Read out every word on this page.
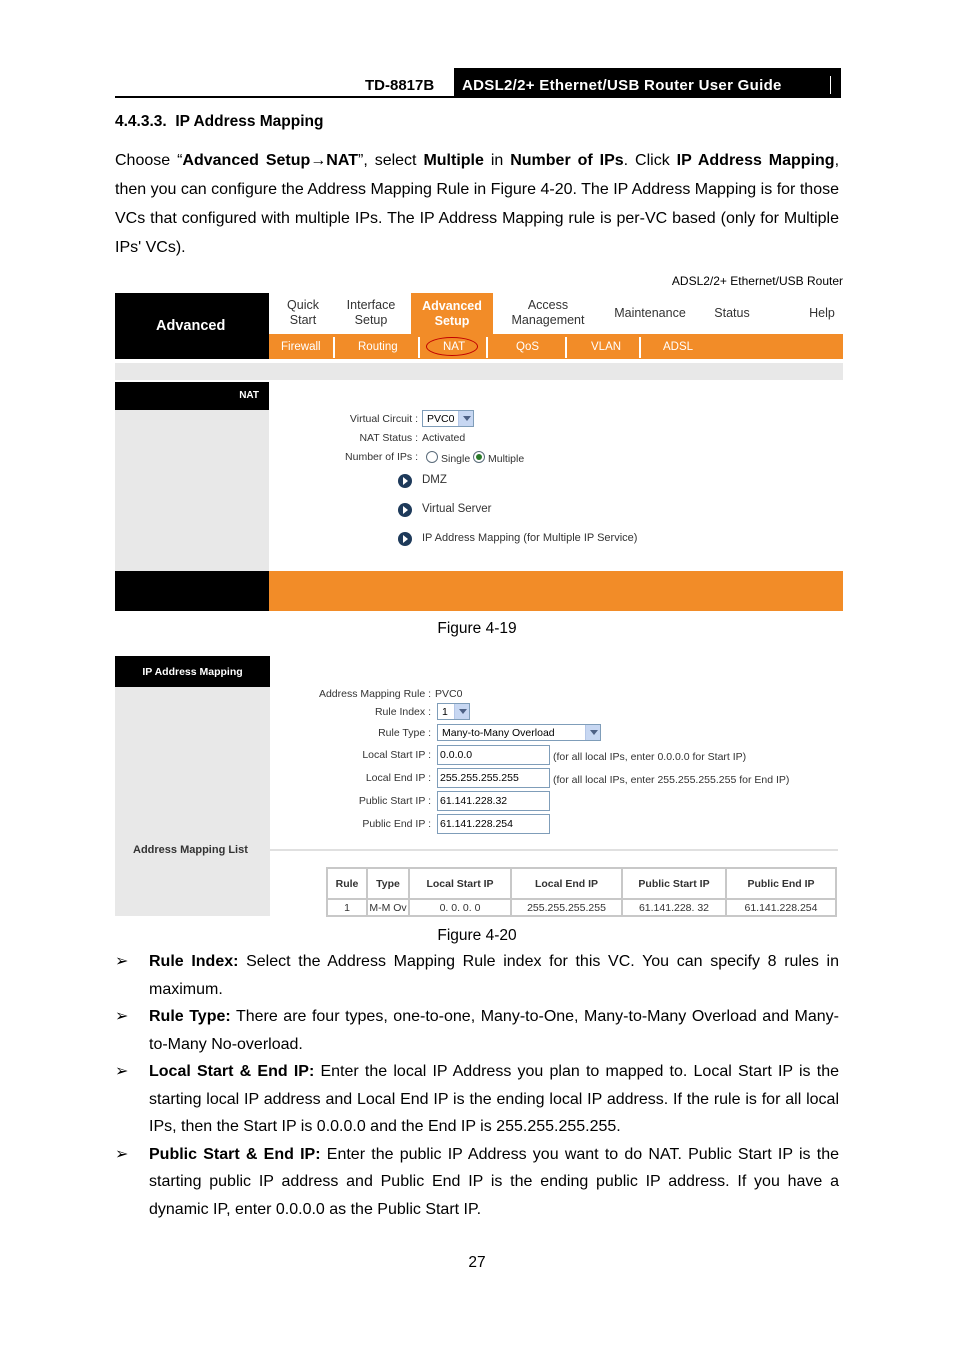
TD-8817B	ADSL2/2+ Ethernet/USB Router User Guide
4.4.3.3. IP Address Mapping
Choose “Advanced Setup→NAT”, select Multiple in Number of IPs. Click IP Address Mapping, then you can configure the Address Mapping Rule in Figure 4-20. The IP Address Mapping is for those VCs that configured with multiple IPs. The IP Address Mapping rule is per-VC based (only for Multiple IPs' VCs).
ADSL2/2+ Ethernet/USB Router
Advanced
Quick
Start
Interface
Setup
Advanced
Setup
Access
Management	Maintenance	Status	Help
Firewall	Routing	NAT	QoS	VLAN	ADSL
NAT
Virtual Circuit : PVC0
NAT Status : Activated
Number of IPs : Single Multiple
DMZ
Virtual Server
IP Address Mapping (for Multiple IP Service)
Figure 4-19
IP Address Mapping
Address Mapping List
Address Mapping Rule : PVC0
Rule Index :	1
Rule Type :	Many-to-Many Overload
Local Start IP : 0.0.0.0	(for all local IPs, enter 0.0.0.0 for Start IP)
Local End IP : 255.255.255.255	(for all local IPs, enter 255.255.255.255 for End IP)
Public Start IP : 61.141.228.32
Public End IP : 61.141.228.254
Rule	Type	Local Start IP	Local End IP	Public Start IP	Public End IP
1	M-M Ov	0. 0. 0. 0	255.255.255.255	61.141.228. 32	61.141.228.254
Figure 4-20
➢ Rule Index: Select the Address Mapping Rule index for this VC. You can specify 8 rules in maximum.
➢ Rule Type: There are four types, one-to-one, Many-to-One, Many-to-Many Overload and Many-to-Many No-overload.
➢ Local Start & End IP: Enter the local IP Address you plan to mapped to. Local Start IP is the starting local IP address and Local End IP is the ending local IP address. If the rule is for all local IPs, then the Start IP is 0.0.0.0 and the End IP is 255.255.255.255.
➢ Public Start & End IP: Enter the public IP Address you want to do NAT. Public Start IP is the starting public IP address and Public End IP is the ending public IP address. If you have a dynamic IP, enter 0.0.0.0 as the Public Start IP.
27
